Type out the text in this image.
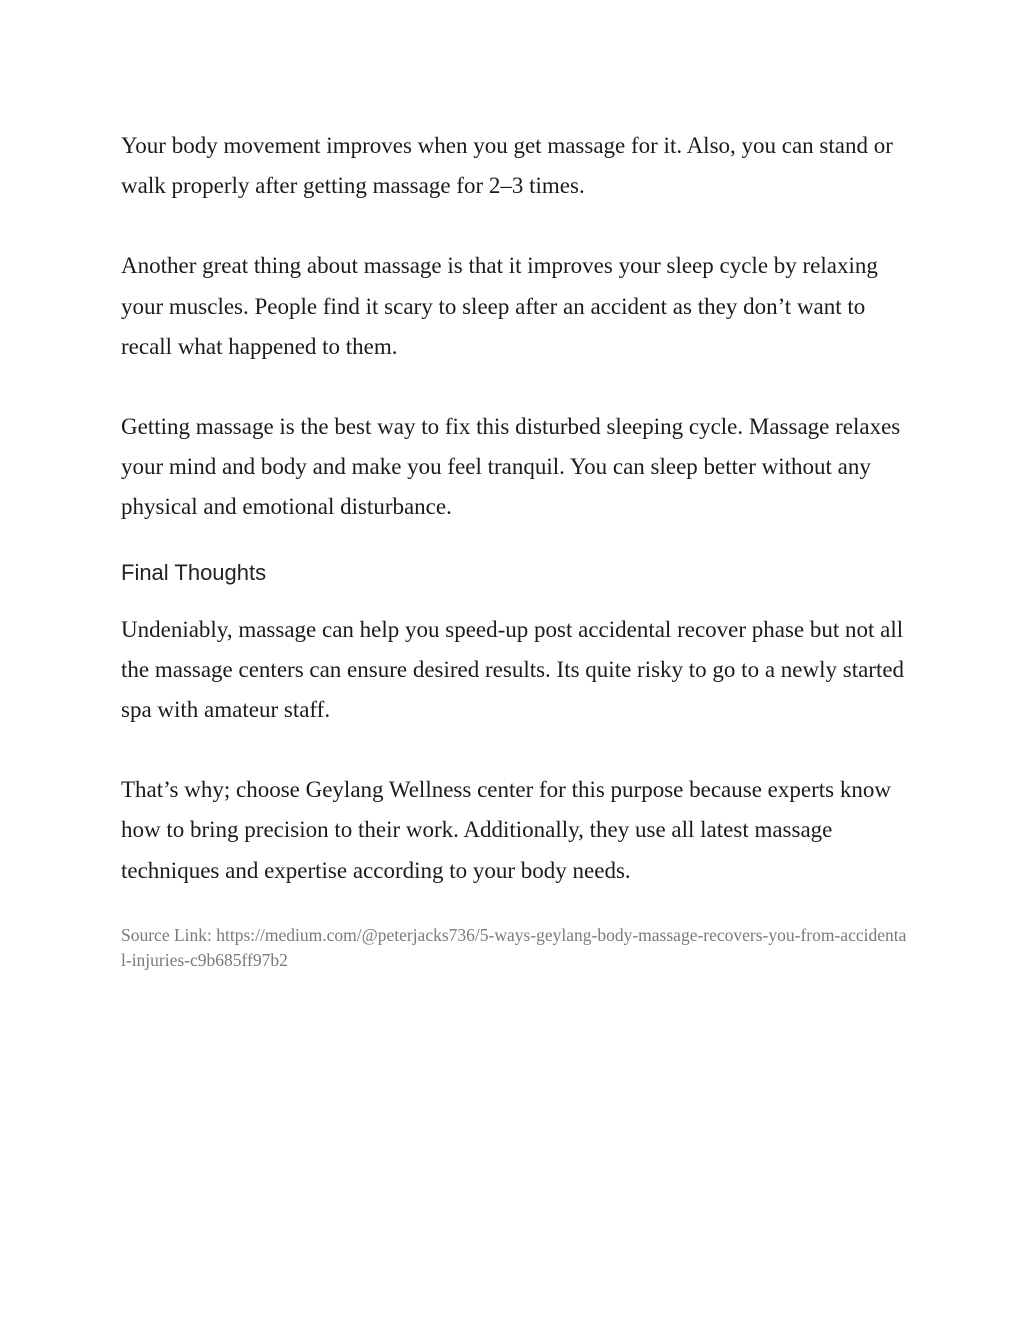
Your body movement improves when you get massage for it. Also, you can stand or walk properly after getting massage for 2–3 times.

Another great thing about massage is that it improves your sleep cycle by relaxing your muscles. People find it scary to sleep after an accident as they don’t want to recall what happened to them.

Getting massage is the best way to fix this disturbed sleeping cycle. Massage relaxes your mind and body and make you feel tranquil. You can sleep better without any physical and emotional disturbance.

Final Thoughts

Undeniably, massage can help you speed-up post accidental recover phase but not all the massage centers can ensure desired results. Its quite risky to go to a newly started spa with amateur staff.

That’s why; choose Geylang Wellness center for this purpose because experts know how to bring precision to their work. Additionally, they use all latest massage techniques and expertise according to your body needs.

Source Link: https://medium.com/@peterjacks736/5-ways-geylang-body-massage-recovers-you-from-accidental-injuries-c9b685ff97b2
